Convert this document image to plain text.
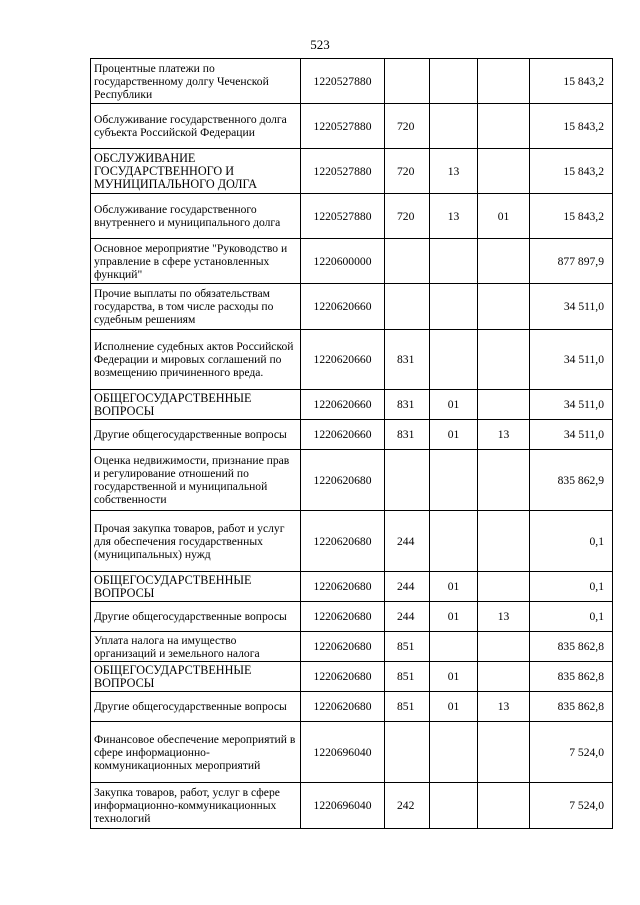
523
Процентные платежи по государственному долгу Чеченской Республики	1220527880				15 843,2
Обслуживание государственного долга субъекта Российской Федерации	1220527880	720			15 843,2
ОБСЛУЖИВАНИЕ ГОСУДАРСТВЕННОГО И МУНИЦИПАЛЬНОГО ДОЛГА	1220527880	720	13		15 843,2
Обслуживание государственного внутреннего и муниципального долга	1220527880	720	13	01	15 843,2
Основное мероприятие "Руководство и управление в сфере установленных функций"	1220600000				877 897,9
Прочие выплаты по обязательствам государства, в том числе расходы по судебным решениям	1220620660				34 511,0
Исполнение судебных актов Российской Федерации и мировых соглашений по возмещению причиненного вреда.	1220620660	831			34 511,0
ОБЩЕГОСУДАРСТВЕННЫЕ ВОПРОСЫ	1220620660	831	01		34 511,0
Другие общегосударственные вопросы	1220620660	831	01	13	34 511,0
Оценка недвижимости, признание прав и регулирование отношений по государственной и муниципальной собственности	1220620680				835 862,9
Прочая закупка товаров, работ и услуг для обеспечения государственных (муниципальных) нужд	1220620680	244			0,1
ОБЩЕГОСУДАРСТВЕННЫЕ ВОПРОСЫ	1220620680	244	01		0,1
Другие общегосударственные вопросы	1220620680	244	01	13	0,1
Уплата налога на имущество организаций и земельного налога	1220620680	851			835 862,8
ОБЩЕГОСУДАРСТВЕННЫЕ ВОПРОСЫ	1220620680	851	01		835 862,8
Другие общегосударственные вопросы	1220620680	851	01	13	835 862,8
Финансовое обеспечение мероприятий в сфере информационно-коммуникационных мероприятий	1220696040				7 524,0
Закупка товаров, работ, услуг в сфере информационно-коммуникационных технологий	1220696040	242			7 524,0
